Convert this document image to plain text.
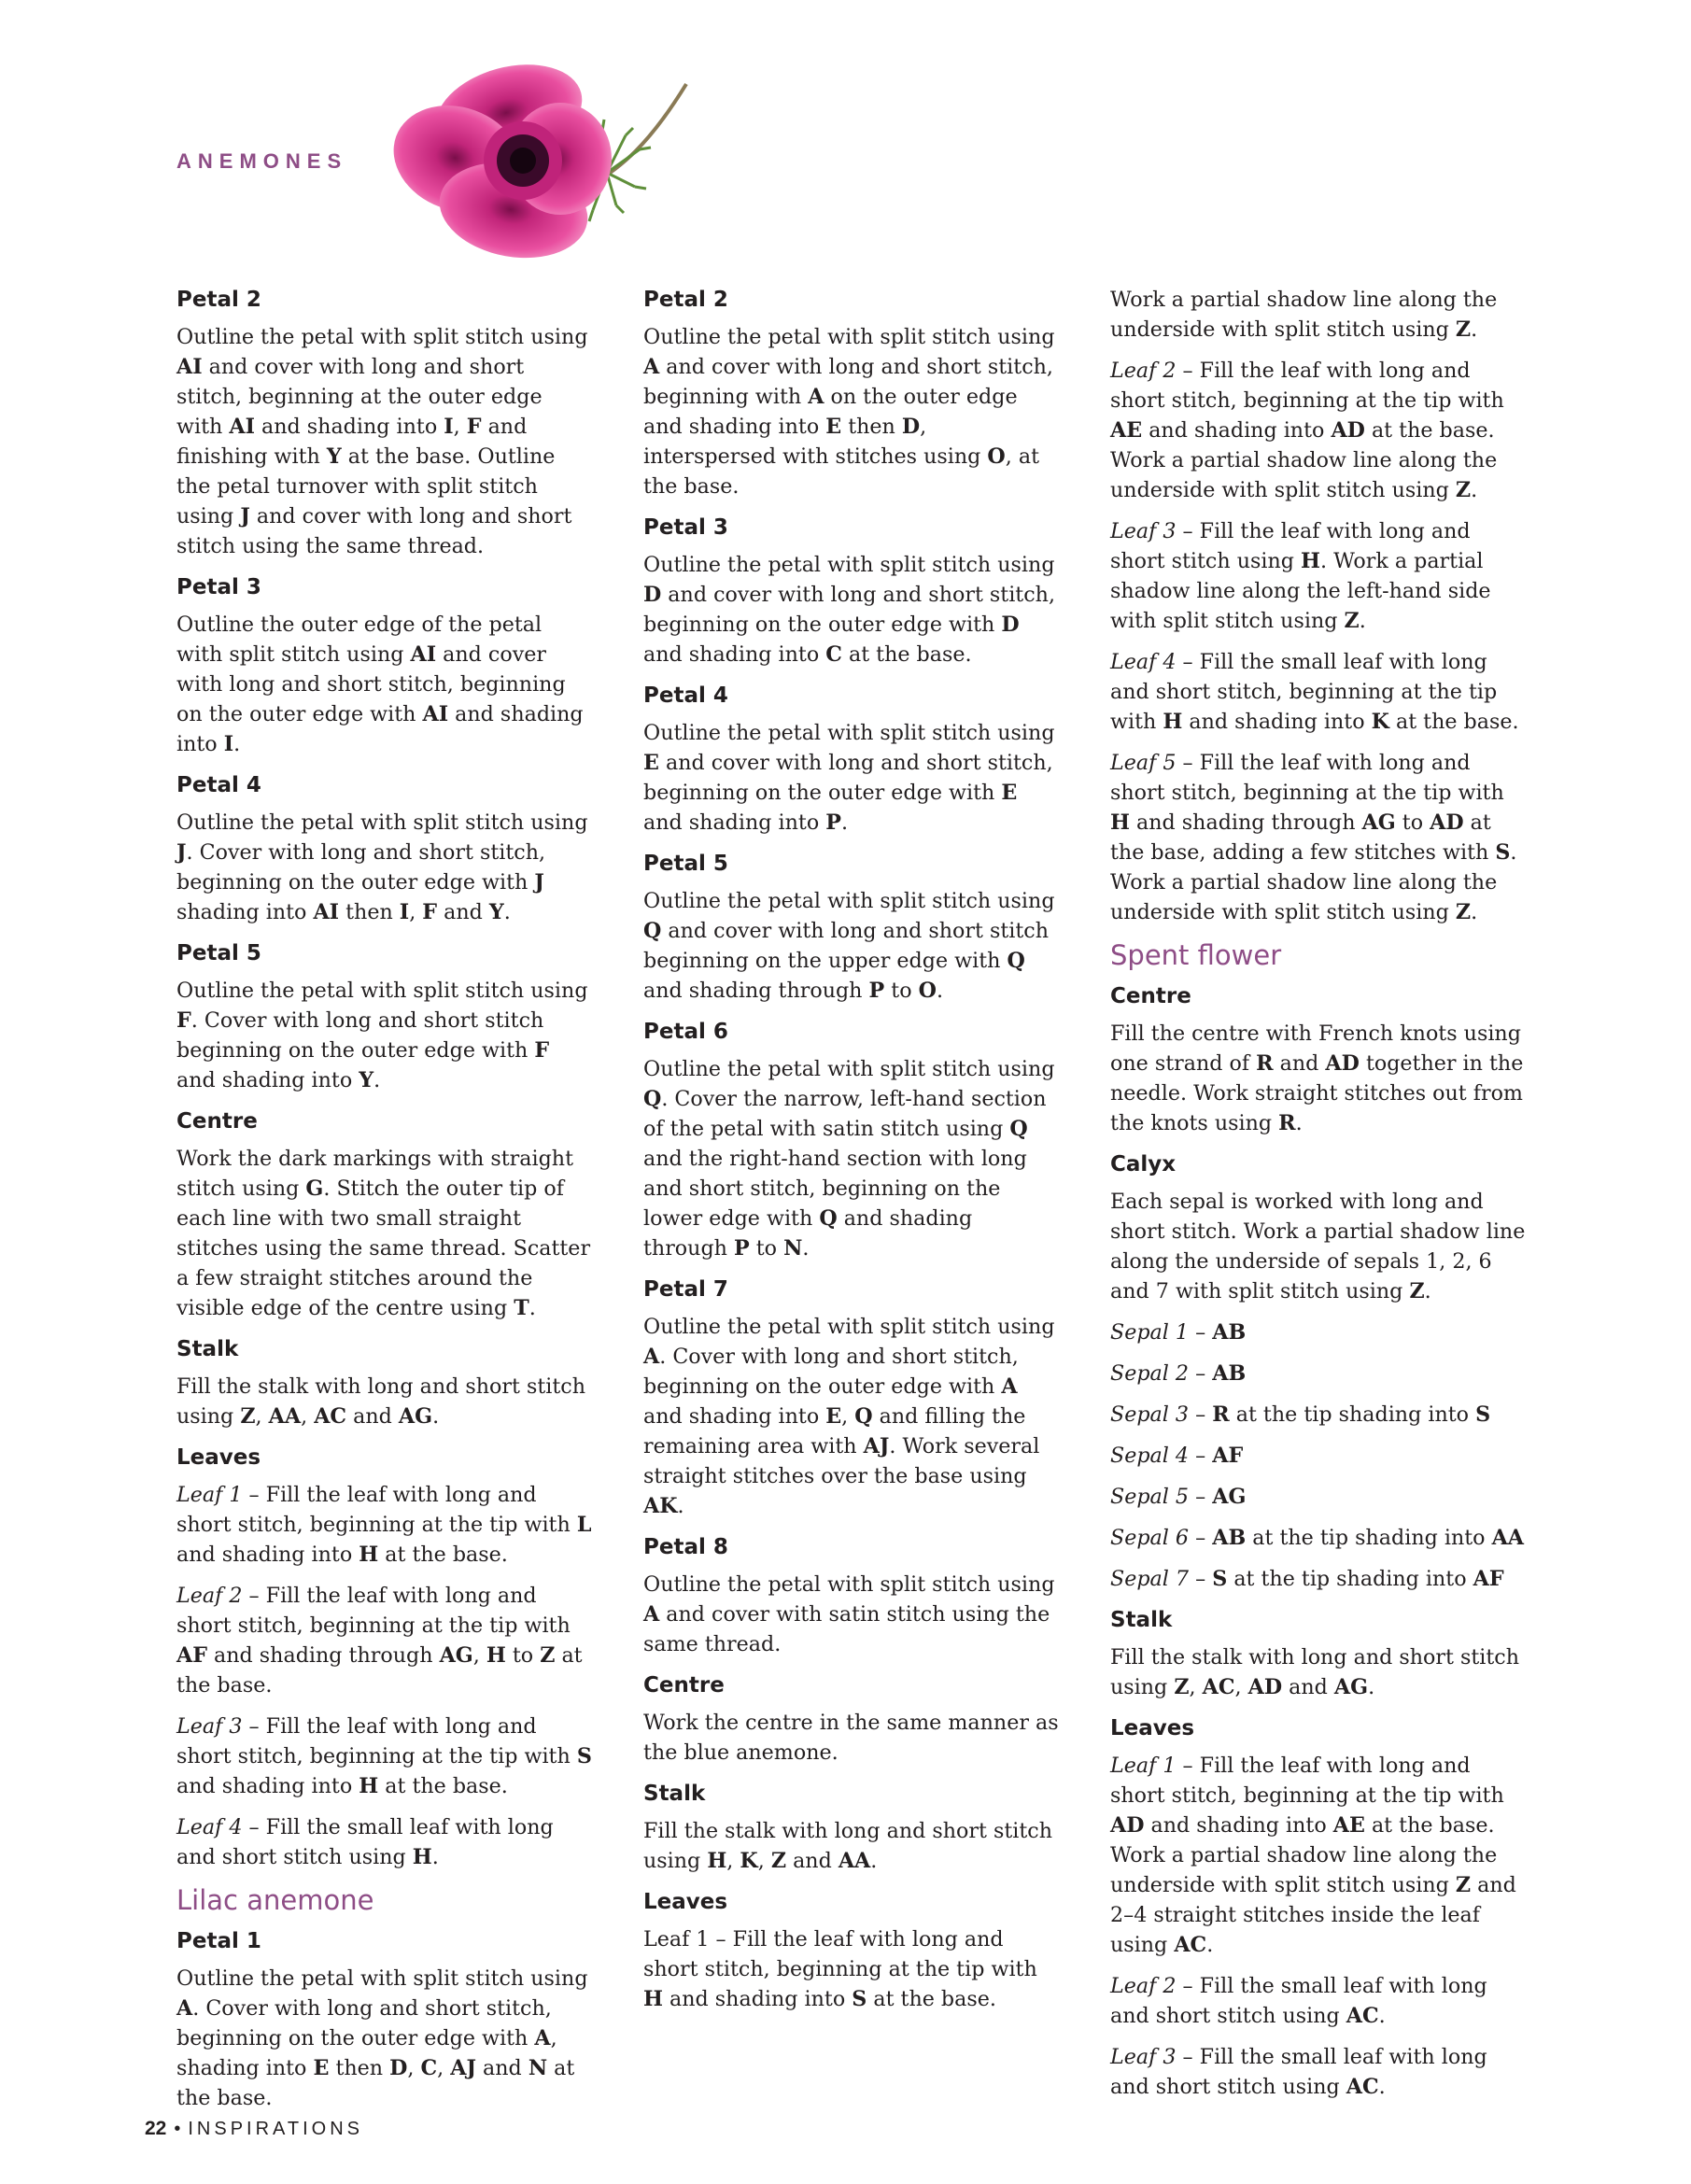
ANEMONES
Petal 2
Outline the petal with split stitch using AI and cover with long and short stitch, beginning at the outer edge with AI and shading into I, F and finishing with Y at the base. Outline the petal turnover with split stitch using J and cover with long and short stitch using the same thread.
Petal 3
Outline the outer edge of the petal with split stitch using AI and cover with long and short stitch, beginning on the outer edge with AI and shading into I.
Petal 4
Outline the petal with split stitch using J. Cover with long and short stitch, beginning on the outer edge with J shading into AI then I, F and Y.
Petal 5
Outline the petal with split stitch using F. Cover with long and short stitch beginning on the outer edge with F and shading into Y.
Centre
Work the dark markings with straight stitch using G. Stitch the outer tip of each line with two small straight stitches using the same thread. Scatter a few straight stitches around the visible edge of the centre using T.
Stalk
Fill the stalk with long and short stitch using Z, AA, AC and AG.
Leaves
Leaf 1 – Fill the leaf with long and short stitch, beginning at the tip with L and shading into H at the base.
Leaf 2 – Fill the leaf with long and short stitch, beginning at the tip with AF and shading through AG, H to Z at the base.
Leaf 3 – Fill the leaf with long and short stitch, beginning at the tip with S and shading into H at the base.
Leaf 4 – Fill the small leaf with long and short stitch using H.
Lilac anemone
Petal 1
Outline the petal with split stitch using A. Cover with long and short stitch, beginning on the outer edge with A, shading into E then D, C, AJ and N at the base.
Petal 2
Outline the petal with split stitch using A and cover with long and short stitch, beginning with A on the outer edge and shading into E then D, interspersed with stitches using O, at the base.
Petal 3
Outline the petal with split stitch using D and cover with long and short stitch, beginning on the outer edge with D and shading into C at the base.
Petal 4
Outline the petal with split stitch using E and cover with long and short stitch, beginning on the outer edge with E and shading into P.
Petal 5
Outline the petal with split stitch using Q and cover with long and short stitch beginning on the upper edge with Q and shading through P to O.
Petal 6
Outline the petal with split stitch using Q. Cover the narrow, left-hand section of the petal with satin stitch using Q and the right-hand section with long and short stitch, beginning on the lower edge with Q and shading through P to N.
Petal 7
Outline the petal with split stitch using A. Cover with long and short stitch, beginning on the outer edge with A and shading into E, Q and filling the remaining area with AJ. Work several straight stitches over the base using AK.
Petal 8
Outline the petal with split stitch using A and cover with satin stitch using the same thread.
Centre
Work the centre in the same manner as the blue anemone.
Stalk
Fill the stalk with long and short stitch using H, K, Z and AA.
Leaves
Leaf 1 – Fill the leaf with long and short stitch, beginning at the tip with H and shading into S at the base.
Work a partial shadow line along the underside with split stitch using Z.
Leaf 2 – Fill the leaf with long and short stitch, beginning at the tip with AE and shading into AD at the base. Work a partial shadow line along the underside with split stitch using Z.
Leaf 3 – Fill the leaf with long and short stitch using H. Work a partial shadow line along the left-hand side with split stitch using Z.
Leaf 4 – Fill the small leaf with long and short stitch, beginning at the tip with H and shading into K at the base.
Leaf 5 – Fill the leaf with long and short stitch, beginning at the tip with H and shading through AG to AD at the base, adding a few stitches with S. Work a partial shadow line along the underside with split stitch using Z.
Spent flower
Centre
Fill the centre with French knots using one strand of R and AD together in the needle. Work straight stitches out from the knots using R.
Calyx
Each sepal is worked with long and short stitch. Work a partial shadow line along the underside of sepals 1, 2, 6 and 7 with split stitch using Z.
Sepal 1 – AB
Sepal 2 – AB
Sepal 3 – R at the tip shading into S
Sepal 4 – AF
Sepal 5 – AG
Sepal 6 – AB at the tip shading into AA
Sepal 7 – S at the tip shading into AF
Stalk
Fill the stalk with long and short stitch using Z, AC, AD and AG.
Leaves
Leaf 1 – Fill the leaf with long and short stitch, beginning at the tip with AD and shading into AE at the base. Work a partial shadow line along the underside with split stitch using Z and 2–4 straight stitches inside the leaf using AC.
Leaf 2 – Fill the small leaf with long and short stitch using AC.
Leaf 3 – Fill the small leaf with long and short stitch using AC.
22 • INSPIRATIONS
